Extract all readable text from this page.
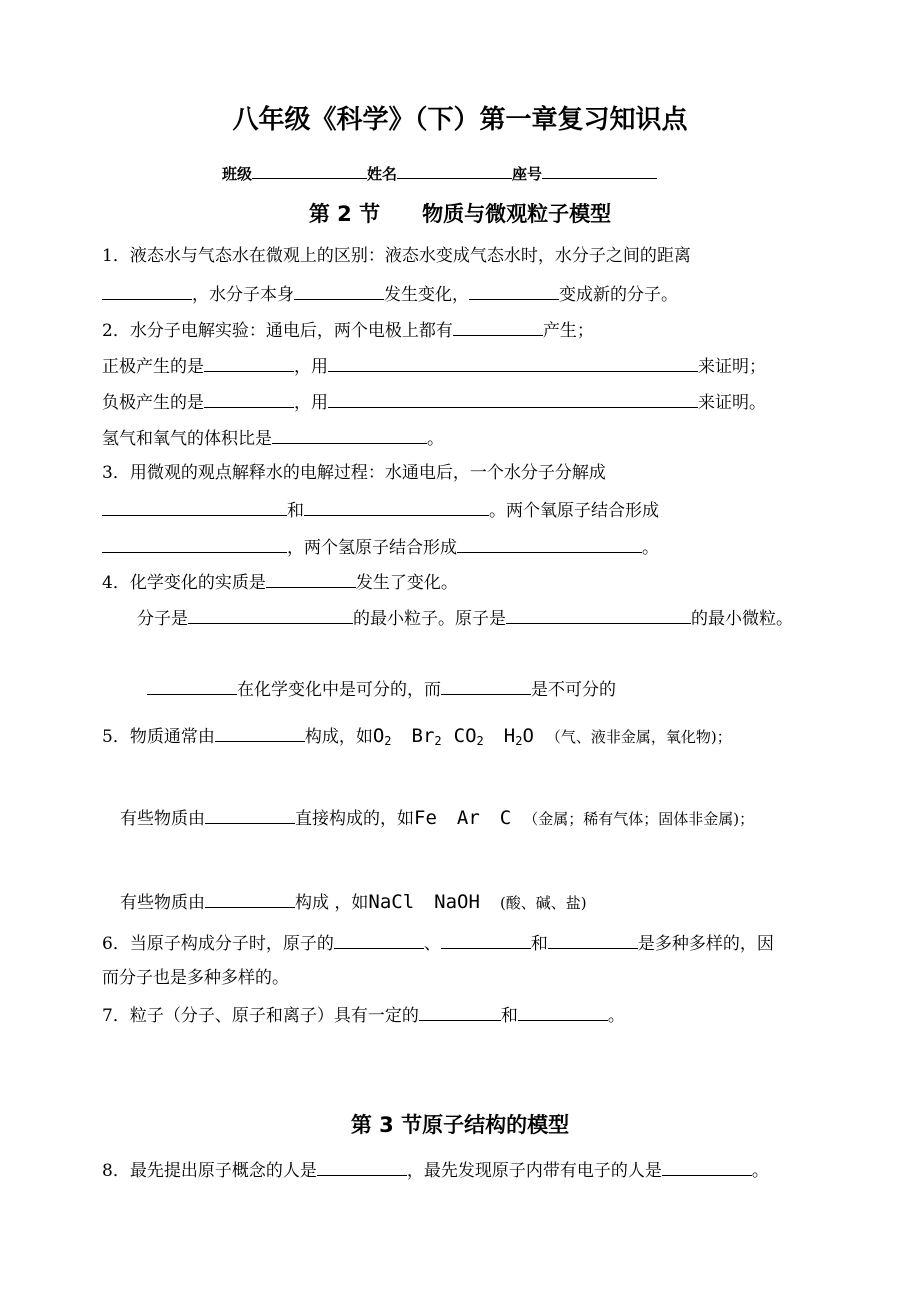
八年级《科学》（下）第一章复习知识点
班级	姓名	座号
第 2 节　　物质与微观粒子模型
1．液态水与气态水在微观上的区别：液态水变成气态水时，水分子之间的距离
，水分子本身	发生变化，	变成新的分子。
2．水分子电解实验：通电后，两个电极上都有	产生；
正极产生的是	，用	来证明；
负极产生的是	，用	来证明。
氢气和氧气的体积比是	。
3．用微观的观点解释水的电解过程：水通电后，一个水分子分解成
和	。两个氧原子结合形成
，两个氢原子结合形成	。
4．化学变化的实质是	发生了变化。
分子是	的最小粒子。原子是	的最小微粒。
在化学变化中是可分的，而	是不可分的
5．物质通常由	构成，如$O_2$ $Br_2$ $CO_2$ $H_2O$ （气、液非金属，氧化物)；
有些物质由	直接构成的，如Fe Ar C （金属；稀有气体；固体非金属)；
有些物质由	构成 ，如NaCl NaOH (酸、碱、盐)
6．当原子构成分子时，原子的	、	和	是多种多样的，因
而分子也是多种多样的。
7．粒子（分子、原子和离子）具有一定的	和	。
第 3 节原子结构的模型
8．最先提出原子概念的人是	，最先发现原子内带有电子的人是	。
